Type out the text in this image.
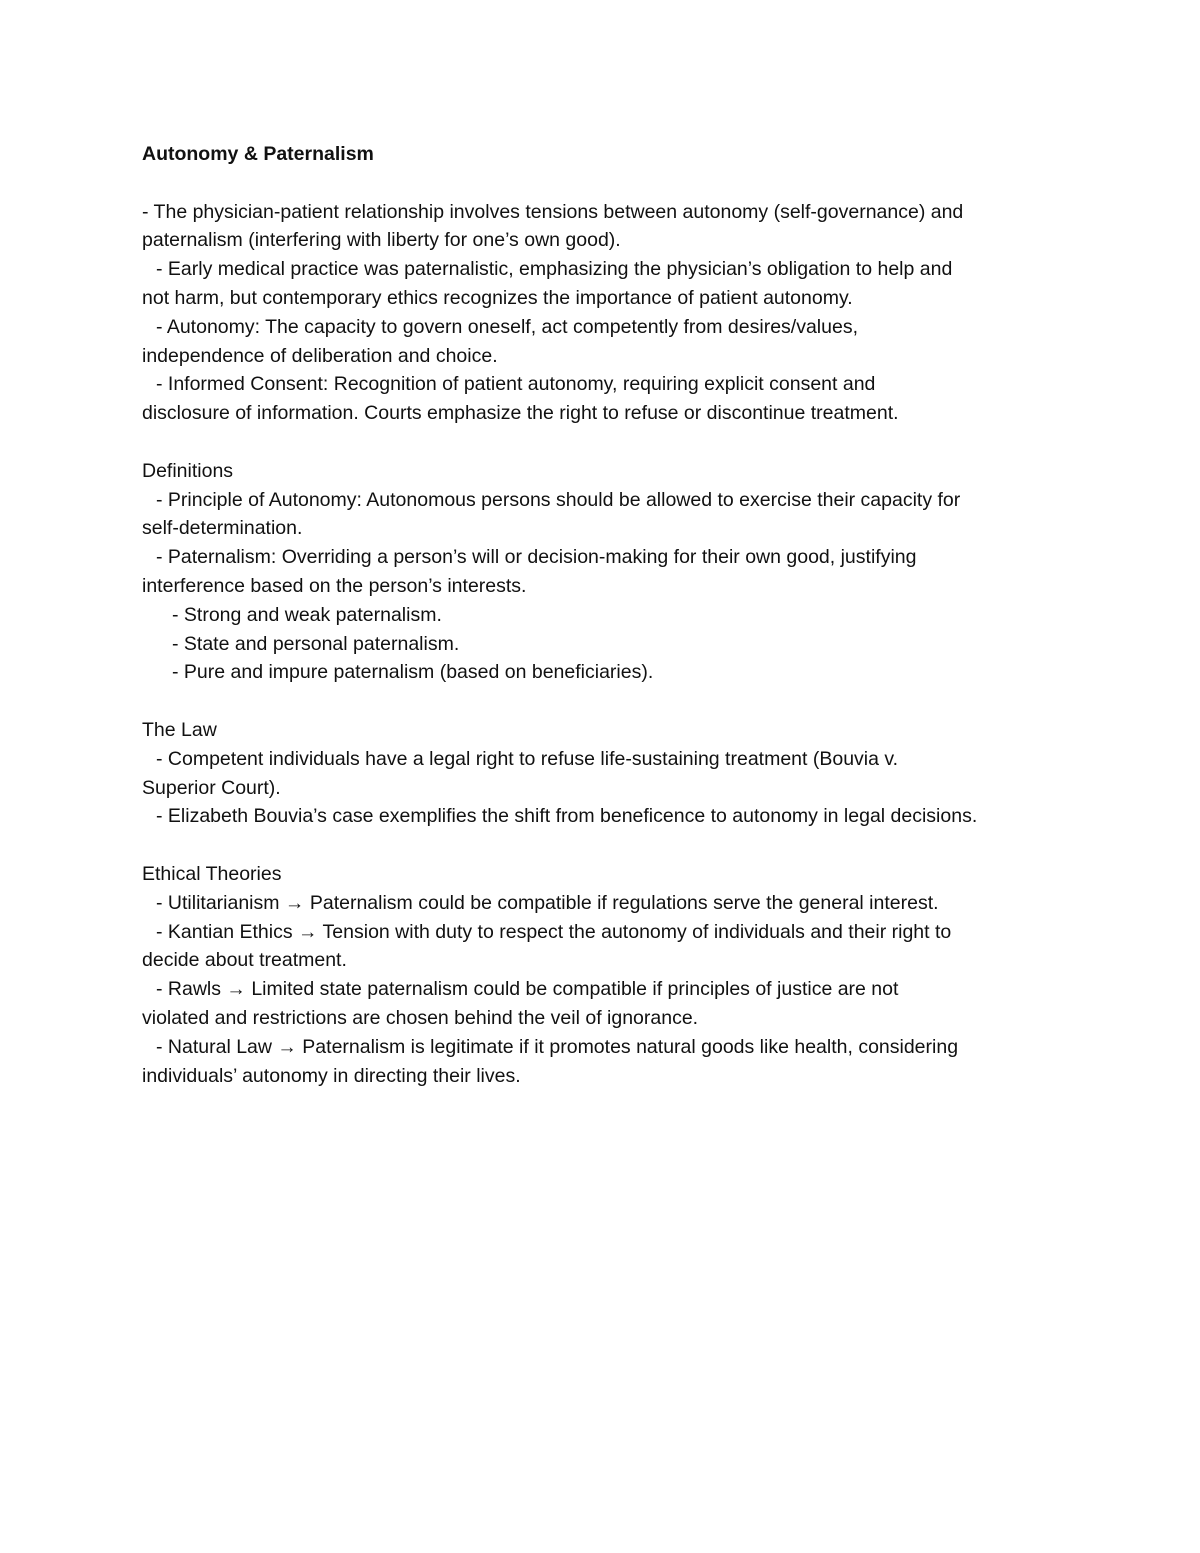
Autonomy & Paternalism

- The physician-patient relationship involves tensions between autonomy (self-governance) and

paternalism (interfering with liberty for one’s own good).

- Early medical practice was paternalistic, emphasizing the physician’s obligation to help and

not harm, but contemporary ethics recognizes the importance of patient autonomy.

- Autonomy: The capacity to govern oneself, act competently from desires/values,

independence of deliberation and choice.

- Informed Consent: Recognition of patient autonomy, requiring explicit consent and

disclosure of information. Courts emphasize the right to refuse or discontinue treatment.

Definitions

- Principle of Autonomy: Autonomous persons should be allowed to exercise their capacity for

self-determination.

- Paternalism: Overriding a person’s will or decision-making for their own good, justifying

interference based on the person’s interests.

- Strong and weak paternalism.

- State and personal paternalism.

- Pure and impure paternalism (based on beneficiaries).

The Law

- Competent individuals have a legal right to refuse life-sustaining treatment (Bouvia v.

Superior Court).

- Elizabeth Bouvia’s case exemplifies the shift from beneficence to autonomy in legal decisions.

Ethical Theories

- Utilitarianism → Paternalism could be compatible if regulations serve the general interest.

- Kantian Ethics → Tension with duty to respect the autonomy of individuals and their right to

decide about treatment.

- Rawls → Limited state paternalism could be compatible if principles of justice are not

violated and restrictions are chosen behind the veil of ignorance.

- Natural Law → Paternalism is legitimate if it promotes natural goods like health, considering

individuals’ autonomy in directing their lives.
